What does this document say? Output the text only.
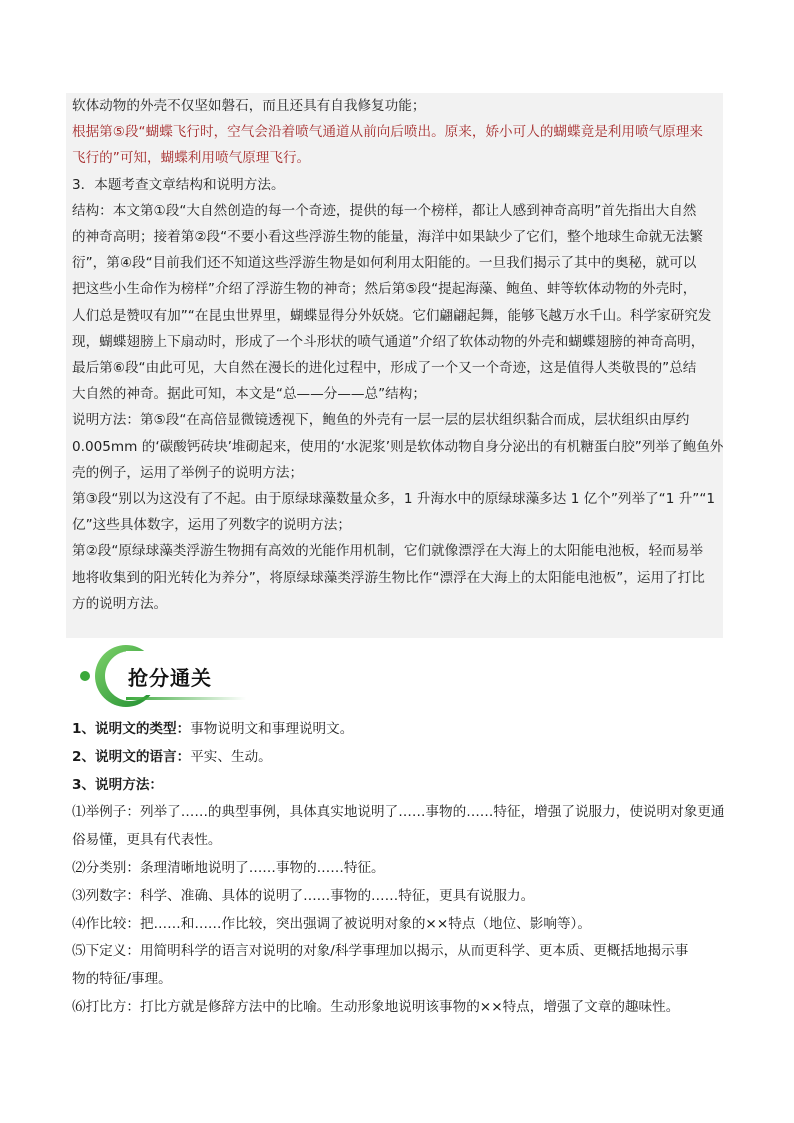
软体动物的外壳不仅坚如磐石，而且还具有自我修复功能；

根据第⑤段“蝴蝶飞行时，空气会沿着喷气通道从前向后喷出。原来，娇小可人的蝴蝶竟是利用喷气原理来

飞行的”可知，蝴蝶利用喷气原理飞行。

3．本题考查文章结构和说明方法。

结构：本文第①段“大自然创造的每一个奇迹，提供的每一个榜样，都让人感到神奇高明”首先指出大自然

的神奇高明；接着第②段“不要小看这些浮游生物的能量，海洋中如果缺少了它们，整个地球生命就无法繁

衍”，第④段“目前我们还不知道这些浮游生物是如何利用太阳能的。一旦我们揭示了其中的奥秘，就可以

把这些小生命作为榜样”介绍了浮游生物的神奇；然后第⑤段“提起海藻、鲍鱼、蚌等软体动物的外壳时，

人们总是赞叹有加”“在昆虫世界里，蝴蝶显得分外妖娆。它们翩翩起舞，能够飞越万水千山。科学家研究发

现，蝴蝶翅膀上下扇动时，形成了一个斗形状的喷气通道”介绍了软体动物的外壳和蝴蝶翅膀的神奇高明，

最后第⑥段“由此可见，大自然在漫长的进化过程中，形成了一个又一个奇迹，这是值得人类敬畏的”总结

大自然的神奇。据此可知，本文是“总——分——总”结构；

说明方法：第⑤段“在高倍显微镜透视下，鲍鱼的外壳有一层一层的层状组织黏合而成，层状组织由厚约

0.005mm 的‘碳酸钙砖块’堆砌起来，使用的‘水泥浆’则是软体动物自身分泌出的有机糖蛋白胶”列举了鲍鱼外

壳的例子，运用了举例子的说明方法；

第③段“别以为这没有了不起。由于原绿球藻数量众多，1 升海水中的原绿球藻多达 1 亿个”列举了“1 升”“1

亿”这些具体数字，运用了列数字的说明方法；

第②段“原绿球藻类浮游生物拥有高效的光能作用机制，它们就像漂浮在大海上的太阳能电池板，轻而易举

地将收集到的阳光转化为养分”，将原绿球藻类浮游生物比作“漂浮在大海上的太阳能电池板”，运用了打比

方的说明方法。

抢分通关

1、说明文的类型：事物说明文和事理说明文。

2、说明文的语言：平实、生动。

3、说明方法：

⑴举例子：列举了……的典型事例，具体真实地说明了……事物的……特征，增强了说服力，使说明对象更通

俗易懂，更具有代表性。

⑵分类别：条理清晰地说明了……事物的……特征。

⑶列数字：科学、准确、具体的说明了……事物的……特征，更具有说服力。

⑷作比较：把……和……作比较，突出强调了被说明对象的××特点（地位、影响等）。

⑸下定义：用简明科学的语言对说明的对象/科学事理加以揭示，从而更科学、更本质、更概括地揭示事

物的特征/事理。

⑹打比方：打比方就是修辞方法中的比喻。生动形象地说明该事物的××特点，增强了文章的趣味性。
